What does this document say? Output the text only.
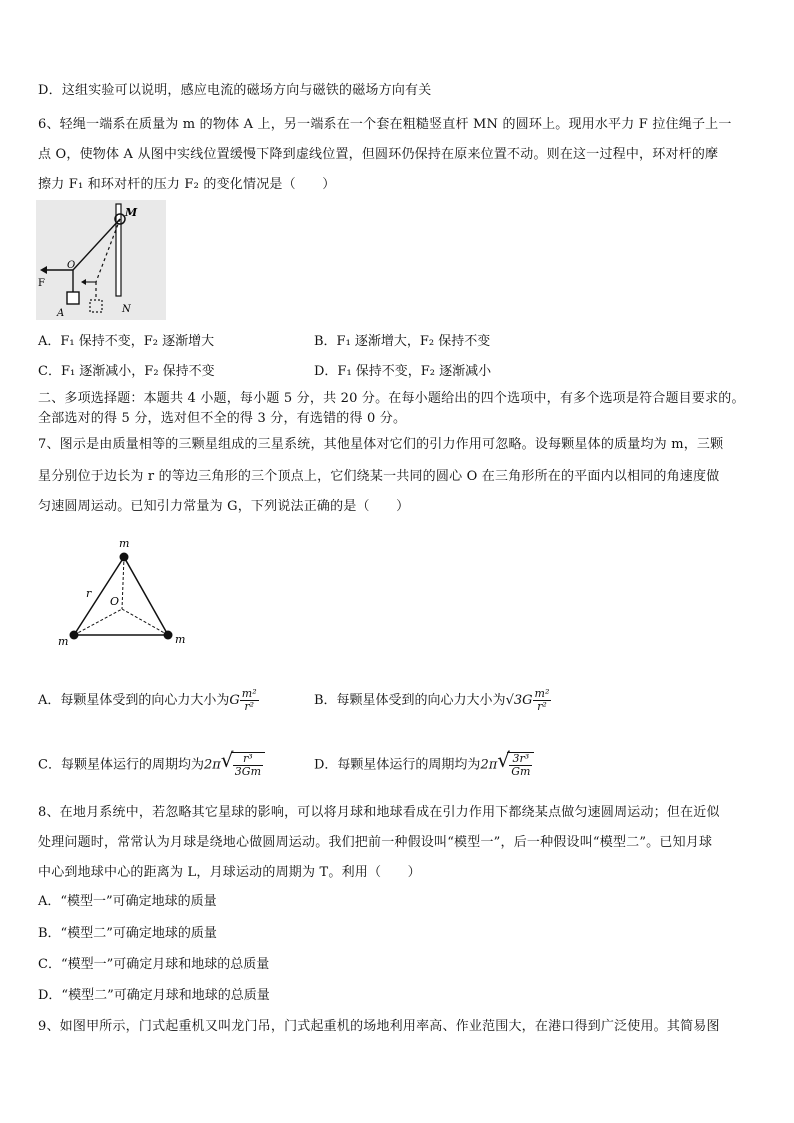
D．这组实验可以说明，感应电流的磁场方向与磁铁的磁场方向有关
6、轻绳一端系在质量为 m 的物体 A 上，另一端系在一个套在粗糙竖直杆 MN 的圆环上。现用水平力 F 拉住绳子上一
点 O，使物体 A 从图中实线位置缓慢下降到虚线位置，但圆环仍保持在原来位置不动。则在这一过程中，环对杆的摩
擦力 F₁ 和环对杆的压力 F₂ 的变化情况是（　　）
M
N
O
F
A
A．F₁ 保持不变，F₂ 逐渐增大	B．F₁ 逐渐增大，F₂ 保持不变
C．F₁ 逐渐减小，F₂ 保持不变	D．F₁ 保持不变，F₂ 逐渐减小
二、多项选择题：本题共 4 小题，每小题 5 分，共 20 分。在每小题给出的四个选项中，有多个选项是符合题目要求的。
全部选对的得 5 分，选对但不全的得 3 分，有选错的得 0 分。
7、图示是由质量相等的三颗星组成的三星系统，其他星体对它们的引力作用可忽略。设每颗星体的质量均为 m，三颗
星分别位于边长为 r 的等边三角形的三个顶点上，它们绕某一共同的圆心 O 在三角形所在的平面内以相同的角速度做
匀速圆周运动。已知引力常量为 G，下列说法正确的是（　　）
m
m	m
r
O
A．每颗星体受到的向心力大小为G $\frac{\text{m²}}{\text{r²}}$	B．每颗星体受到的向心力大小为$√3G \frac{\text{m²}}{\text{r²}}$
C．每颗星体运行的周期均为2π √ $\frac{\text{r³}}{3Gm}$	D．每颗星体运行的周期均为2π √ $\frac{\text{3r³}}{Gm}$
8、在地月系统中，若忽略其它星球的影响，可以将月球和地球看成在引力作用下都绕某点做匀速圆周运动；但在近似
处理问题时，常常认为月球是绕地心做圆周运动。我们把前一种假设叫“模型一”，后一种假设叫“模型二”。已知月球
中心到地球中心的距离为 L，月球运动的周期为 T。利用（　　）
A．“模型一”可确定地球的质量
B．“模型二”可确定地球的质量
C．“模型一”可确定月球和地球的总质量
D．“模型二”可确定月球和地球的总质量
9、如图甲所示，门式起重机又叫龙门吊，门式起重机的场地利用率高、作业范围大，在港口得到广泛使用。其简易图
